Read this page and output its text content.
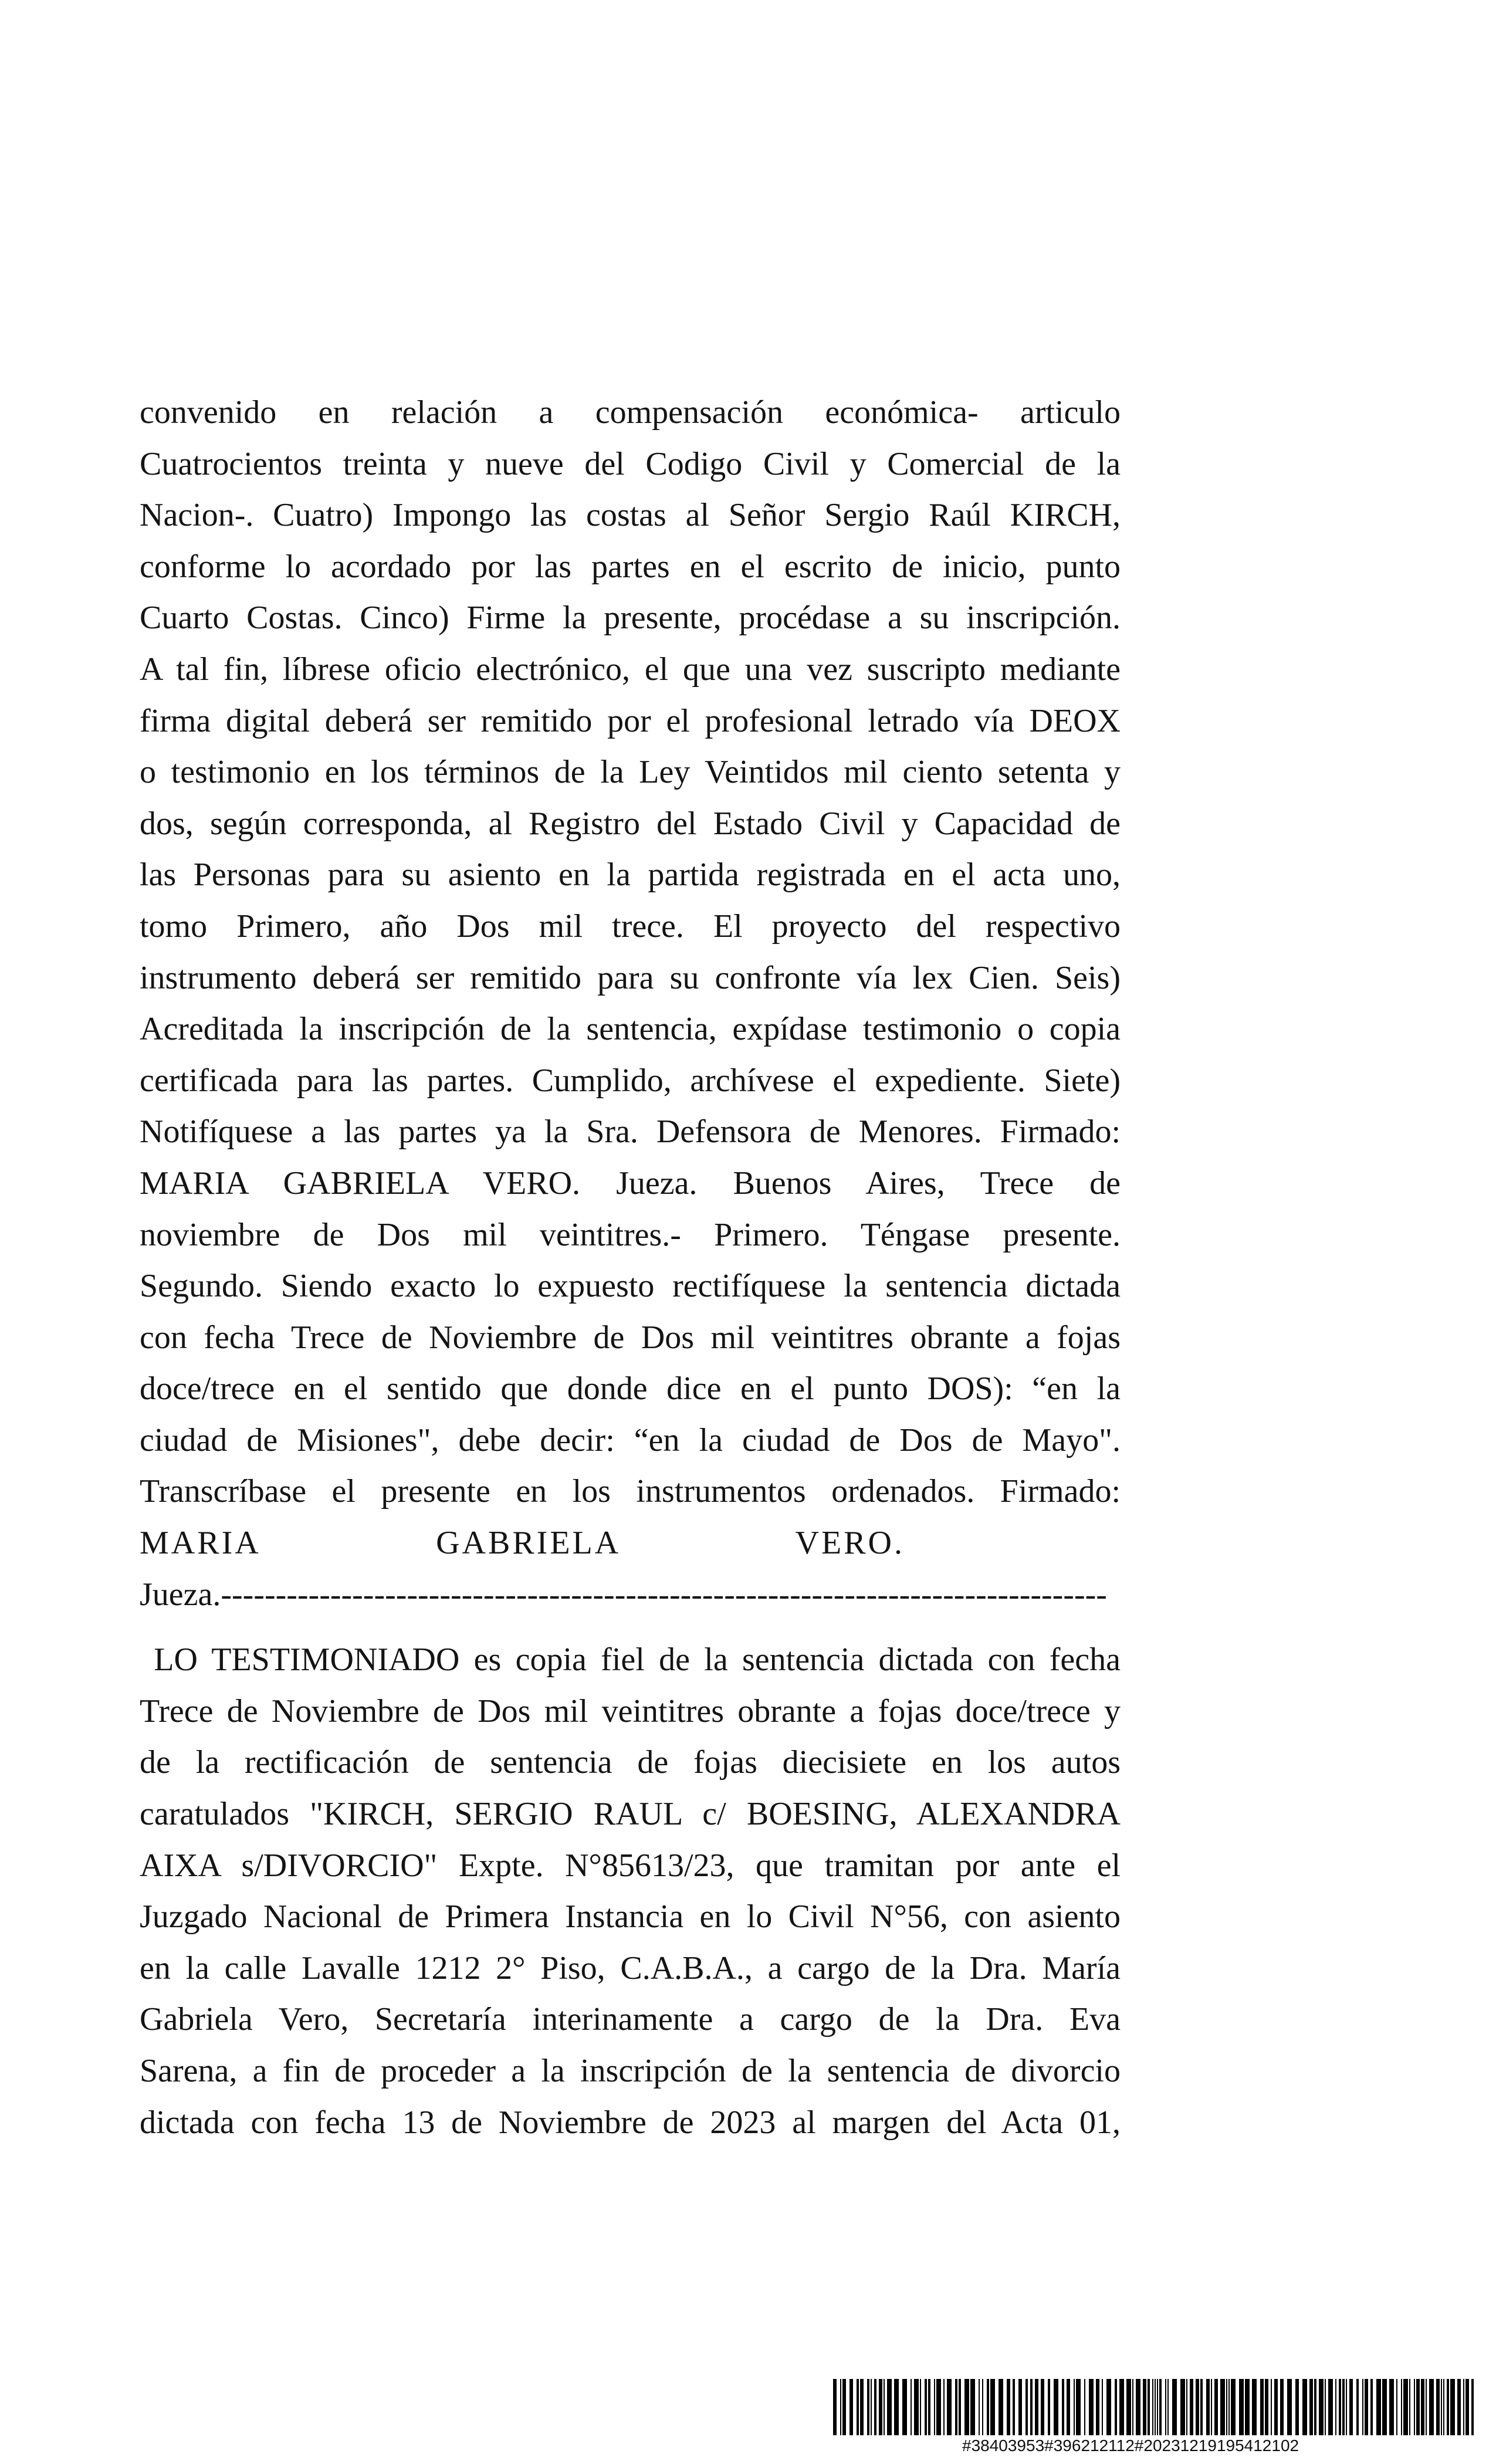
convenido en relación a compensación económica- articulo
Cuatrocientos treinta y nueve del Codigo Civil y Comercial de la
Nacion-. Cuatro) Impongo las costas al Señor Sergio Raúl KIRCH,
conforme lo acordado por las partes en el escrito de inicio, punto
Cuarto Costas. Cinco) Firme la presente, procédase a su inscripción.
A tal fin, líbrese oficio electrónico, el que una vez suscripto mediante
firma digital deberá ser remitido por el profesional letrado vía DEOX
o testimonio en los términos de la Ley Veintidos mil ciento setenta y
dos, según corresponda, al Registro del Estado Civil y Capacidad de
las Personas para su asiento en la partida registrada en el acta uno,
tomo Primero, año Dos mil trece. El proyecto del respectivo
instrumento deberá ser remitido para su confronte vía lex Cien. Seis)
Acreditada la inscripción de la sentencia, expídase testimonio o copia
certificada para las partes. Cumplido, archívese el expediente. Siete)
Notifíquese a las partes ya la Sra. Defensora de Menores. Firmado:
MARIA GABRIELA VERO. Jueza. Buenos Aires, Trece de
noviembre de Dos mil veintitres.- Primero. Téngase presente.
Segundo. Siendo exacto lo expuesto rectifíquese la sentencia dictada
con fecha Trece de Noviembre de Dos mil veintitres obrante a fojas
doce/trece en el sentido que donde dice en el punto DOS): “en la
ciudad de Misiones", debe decir: “en la ciudad de Dos de Mayo".
Transcríbase el presente en los instrumentos ordenados. Firmado:
MARIA GABRIELA VERO.
Jueza.---------------------------------------------------------------------------------
LO TESTIMONIADO es copia fiel de la sentencia dictada con fecha
Trece de Noviembre de Dos mil veintitres obrante a fojas doce/trece y
de la rectificación de sentencia de fojas diecisiete en los autos
caratulados "KIRCH, SERGIO RAUL c/ BOESING, ALEXANDRA
AIXA s/DIVORCIO" Expte. N°85613/23, que tramitan por ante el
Juzgado Nacional de Primera Instancia en lo Civil N°56, con asiento
en la calle Lavalle 1212 2° Piso, C.A.B.A., a cargo de la Dra. María
Gabriela Vero, Secretaría interinamente a cargo de la Dra. Eva
Sarena, a fin de proceder a la inscripción de la sentencia de divorcio
dictada con fecha 13 de Noviembre de 2023 al margen del Acta 01,
#38403953#396212112#20231219195412102
